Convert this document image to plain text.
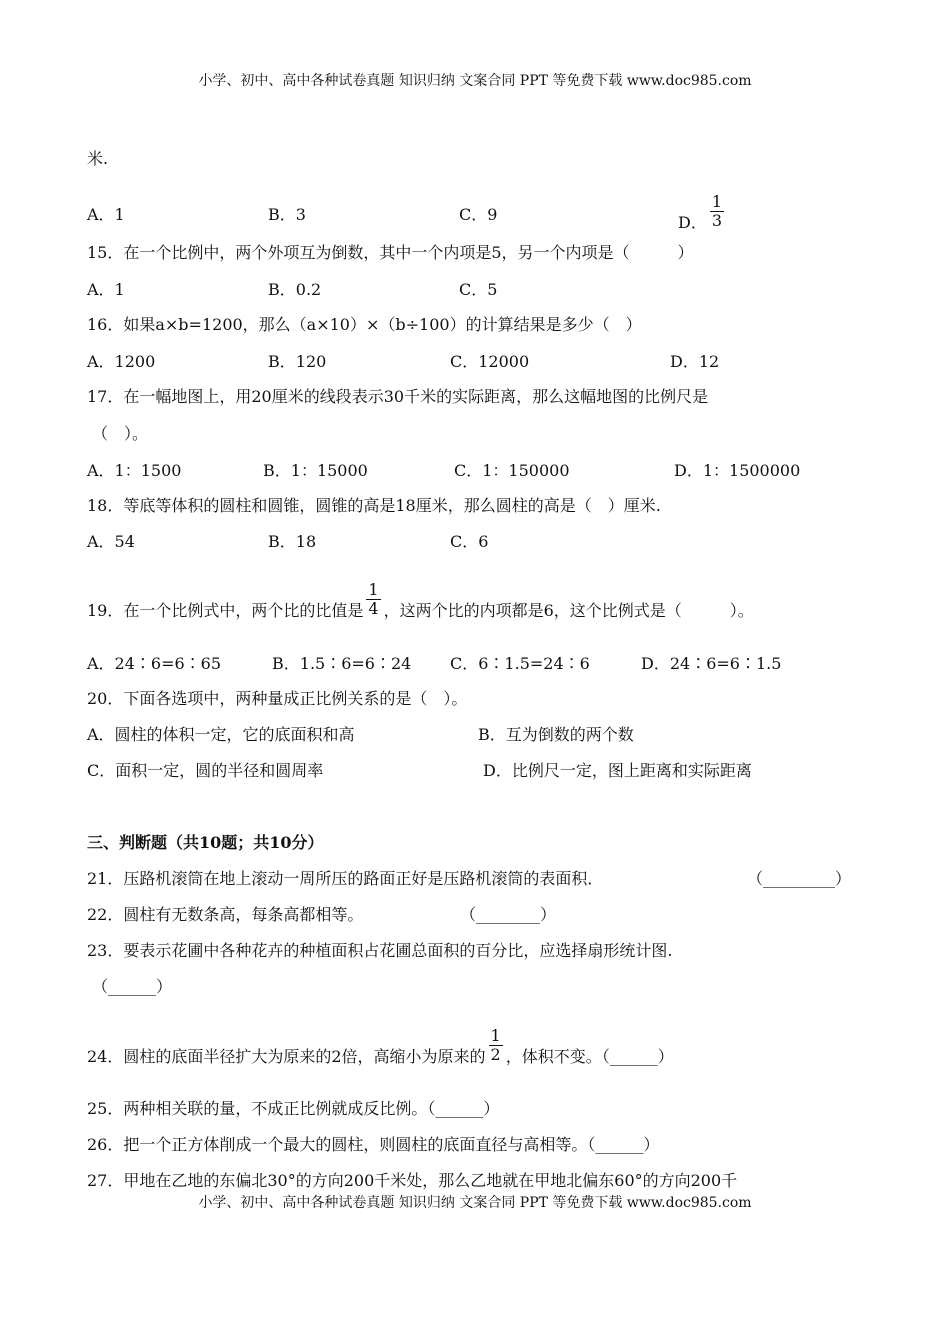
小学、初中、高中各种试卷真题 知识归纳 文案合同 PPT 等免费下载 www.doc985.com
米.
A．1	B．3	C．9	D． $\frac{1}{3}$
15．在一个比例中，两个外项互为倒数，其中一个内项是5，另一个内项是（　　　）
A．1	B．0.2	C．5
16．如果a×b=1200，那么（a×10）×（b÷100）的计算结果是多少（　）
A．1200	B．120	C．12000	D．12
17．在一幅地图上，用20厘米的线段表示30千米的实际距离，那么这幅地图的比例尺是
（　）。
A．1：1500	B．1：15000	C．1：150000	D．1：1500000
18．等底等体积的圆柱和圆锥，圆锥的高是18厘米，那么圆柱的高是（　）厘米.
A．54	B．18	C．6
19．在一个比例式中，两个比的比值是 $\frac{1}{4}$ ，这两个比的内项都是6，这个比例式是（　　　）。
A．24∶6=6∶65	B．1.5∶6=6∶24 C．6∶1.5=24∶6	D．24∶6=6∶1.5
20．下面各选项中，两种量成正比例关系的是（　）。
A．圆柱的体积一定，它的底面积和高	B．互为倒数的两个数
C．面积一定，圆的半径和圆周率	D．比例尺一定，图上距离和实际距离
三、判断题（共10题；共10分）
21．压路机滚筒在地上滚动一周所压的路面正好是压路机滚筒的表面积．	（_________）
22．圆柱有无数条高，每条高都相等。	（________）
23．要表示花圃中各种花卉的种植面积占花圃总面积的百分比，应选择扇形统计图.
（______）
24．圆柱的底面半径扩大为原来的2倍，高缩小为原来的 $\frac{1}{2}$ ，体积不变。（______）
25．两种相关联的量，不成正比例就成反比例。（______）
26．把一个正方体削成一个最大的圆柱，则圆柱的底面直径与高相等。（______）
27．甲地在乙地的东偏北30°的方向200千米处，那么乙地就在甲地北偏东60°的方向200千
小学、初中、高中各种试卷真题 知识归纳 文案合同 PPT 等免费下载 www.doc985.com
